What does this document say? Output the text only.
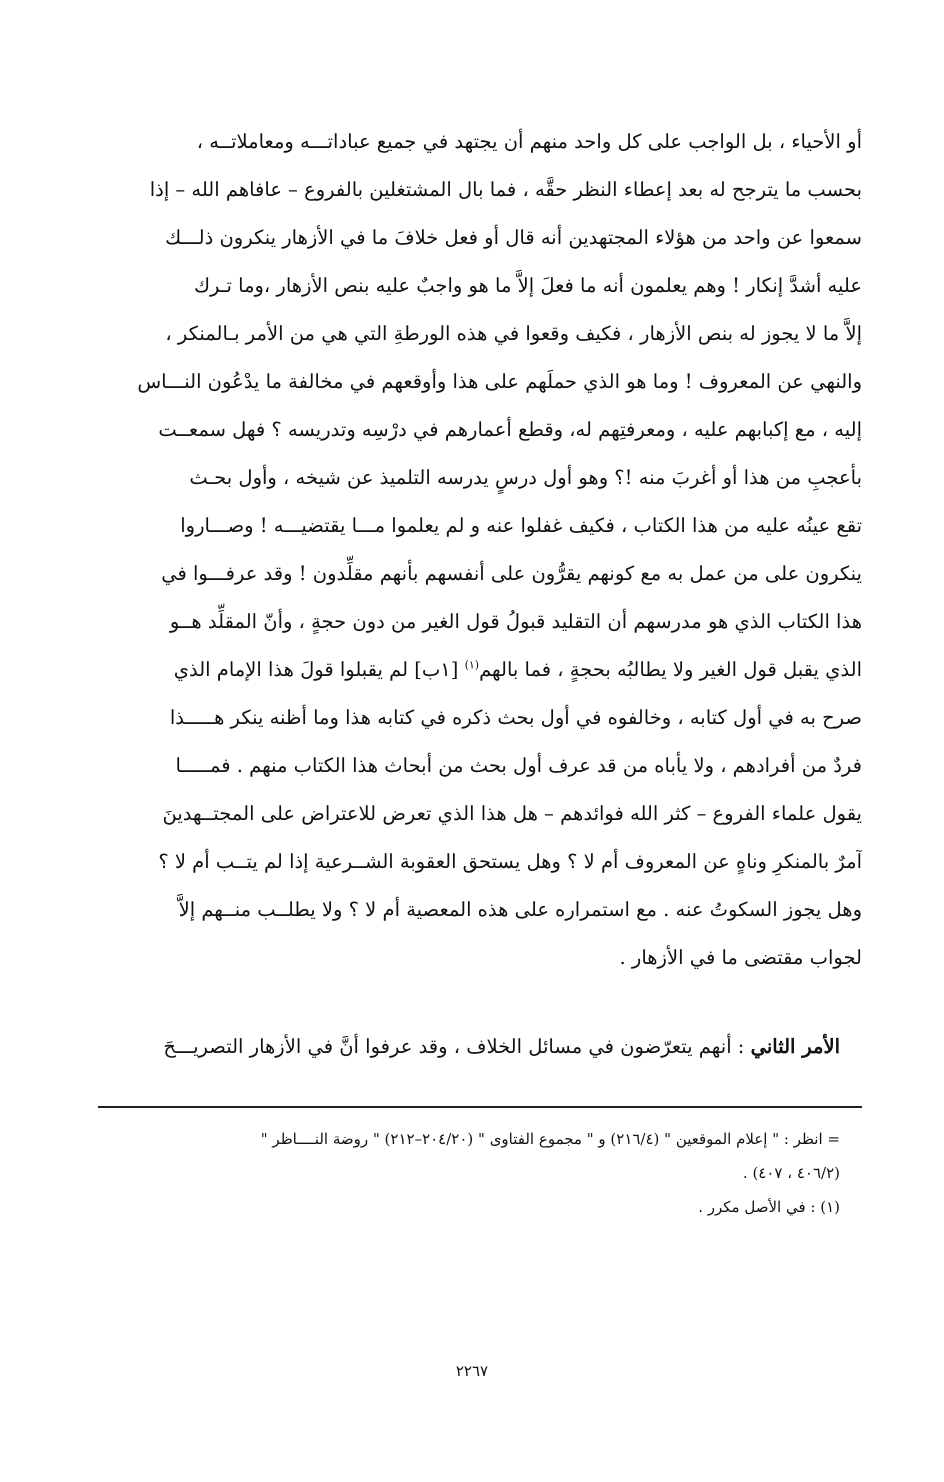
أو الأحياء ، بل الواجب على كل واحد منهم أن يجتهد في جميع عباداتـــه ومعاملاتــه ،
بحسب ما يترجح له بعد إعطاء النظر حقَّه ، فما بال المشتغلين بالفروع – عافاهم الله – إذا
سمعوا عن واحد من هؤلاء المجتهدين أنه قال أو فعل خلافَ ما في الأزهار ينكرون ذلـــك
عليه أشدَّ إنكار ! وهم يعلمون أنه ما فعلَ إلاَّ ما هو واجبٌ عليه بنص الأزهار ،وما تـرك
إلاَّ ما لا يجوز له بنص الأزهار ، فكيف وقعوا في هذه الورطةِ التي هي من الأمر بـالمنكر ،
والنهي عن المعروف ! وما هو الذي حملَهم على هذا وأوقعهم في مخالفة ما يدْعُون النـــاس
إليه ، مع إكبابهم عليه ، ومعرفتِهم له، وقطع أعمارهم في درْسِه وتدريسه ؟ فهل سمعــت
بأعجبِ من هذا أو أغربَ منه !؟ وهو أول درسٍ يدرسه التلميذ عن شيخه ، وأول بحـث
تقع عينُه عليه من هذا الكتاب ، فكيف غفلوا عنه و لم يعلموا مـــا يقتضيـــه ! وصـــاروا
ينكرون على من عمل به مع كونهم يقرُّون على أنفسهم بأنهم مقلِّدون ! وقد عرفـــوا في
هذا الكتاب الذي هو مدرسهم أن التقليد قبولُ قول الغير من دون حجةٍ ، وأنّ المقلِّد هــو
الذي يقبل قول الغير ولا يطالبُه بحجةٍ ، فما بالهم$^{(١)}$ [١ب] لم يقبلوا قولَ هذا الإمام الذي
صرح به في أول كتابه ، وخالفوه في أول بحث ذكره في كتابه هذا وما أظنه ينكر هـــــذا
فردٌ من أفرادهم ، ولا يأباه من قد عرف أول بحث من أبحاث هذا الكتاب منهم . فمـــــا
يقول علماء الفروع – كثر الله فوائدهم – هل هذا الذي تعرض للاعتراض على المجتــهدينَ
آمرٌ بالمنكرِ وناهٍ عن المعروف أم لا ؟ وهل يستحق العقوبة الشــرعية إذا لم يتــب أم لا ؟
وهل يجوز السكوتُ عنه . مع استمراره على هذه المعصية أم لا ؟ ولا يطلــب منــهم إلاَّ
لجواب مقتضى ما في الأزهار .
الأمر الثاني : أنهم يتعرّضون في مسائل الخلاف ، وقد عرفوا أنَّ في الأزهار التصريـــحَ
= انظر : " إعلام الموقعين " (٢١٦/٤) و " مجموع الفتاوى " (٢٠٤/٢٠–٢١٢) " روضة النــــاظر "
(٤٠٦/٢ ، ٤٠٧) .
(١) : في الأصل مكرر .
٢٢٦٧
